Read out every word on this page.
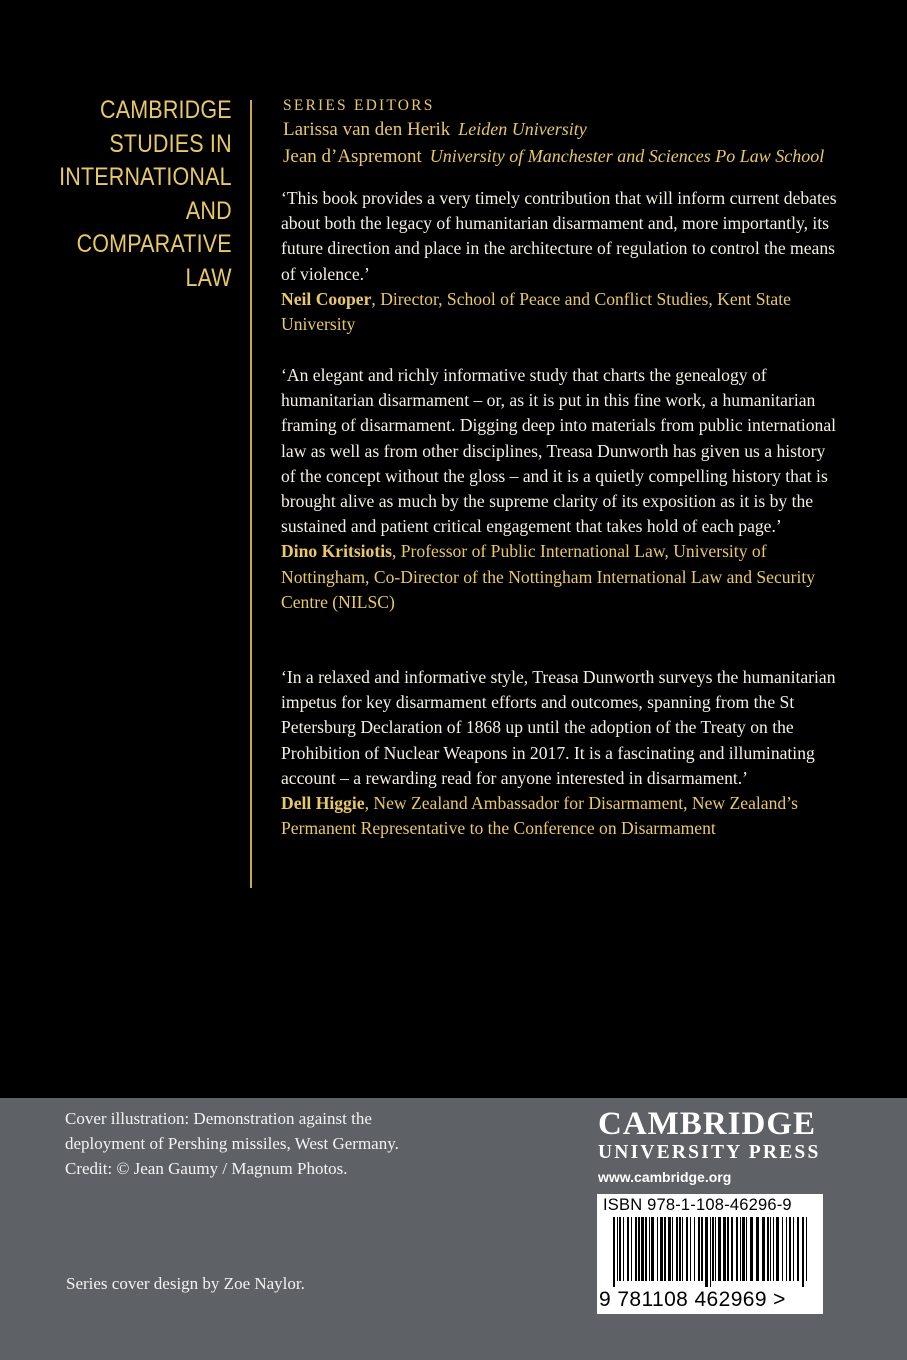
CAMBRIDGE
STUDIES IN
INTERNATIONAL
AND
COMPARATIVE
LAW
SERIES EDITORS
Larissa van den Herik Leiden University
Jean d’Aspremont University of Manchester and Sciences Po Law School
‘This book provides a very timely contribution that will inform current debates about both the legacy of humanitarian disarmament and, more importantly, its future direction and place in the architecture of regulation to control the means of violence.’
Neil Cooper, Director, School of Peace and Conflict Studies, Kent State University
‘An elegant and richly informative study that charts the genealogy of humanitarian disarmament – or, as it is put in this fine work, a humanitarian framing of disarmament. Digging deep into materials from public international law as well as from other disciplines, Treasa Dunworth has given us a history of the concept without the gloss – and it is a quietly compelling history that is brought alive as much by the supreme clarity of its exposition as it is by the sustained and patient critical engagement that takes hold of each page.’
Dino Kritsiotis, Professor of Public International Law, University of Nottingham, Co-Director of the Nottingham International Law and Security Centre (NILSC)
‘In a relaxed and informative style, Treasa Dunworth surveys the humanitarian impetus for key disarmament efforts and outcomes, spanning from the St Petersburg Declaration of 1868 up until the adoption of the Treaty on the Prohibition of Nuclear Weapons in 2017. It is a fascinating and illuminating account – a rewarding read for anyone interested in disarmament.’
Dell Higgie, New Zealand Ambassador for Disarmament, New Zealand’s Permanent Representative to the Conference on Disarmament
Cover illustration: Demonstration against the
deployment of Pershing missiles, West Germany.
Credit: © Jean Gaumy / Magnum Photos.
Series cover design by Zoe Naylor.
CAMBRIDGE
UNIVERSITY PRESS
www.cambridge.org
ISBN 978-1-108-46296-9
9 781108 462969 >
